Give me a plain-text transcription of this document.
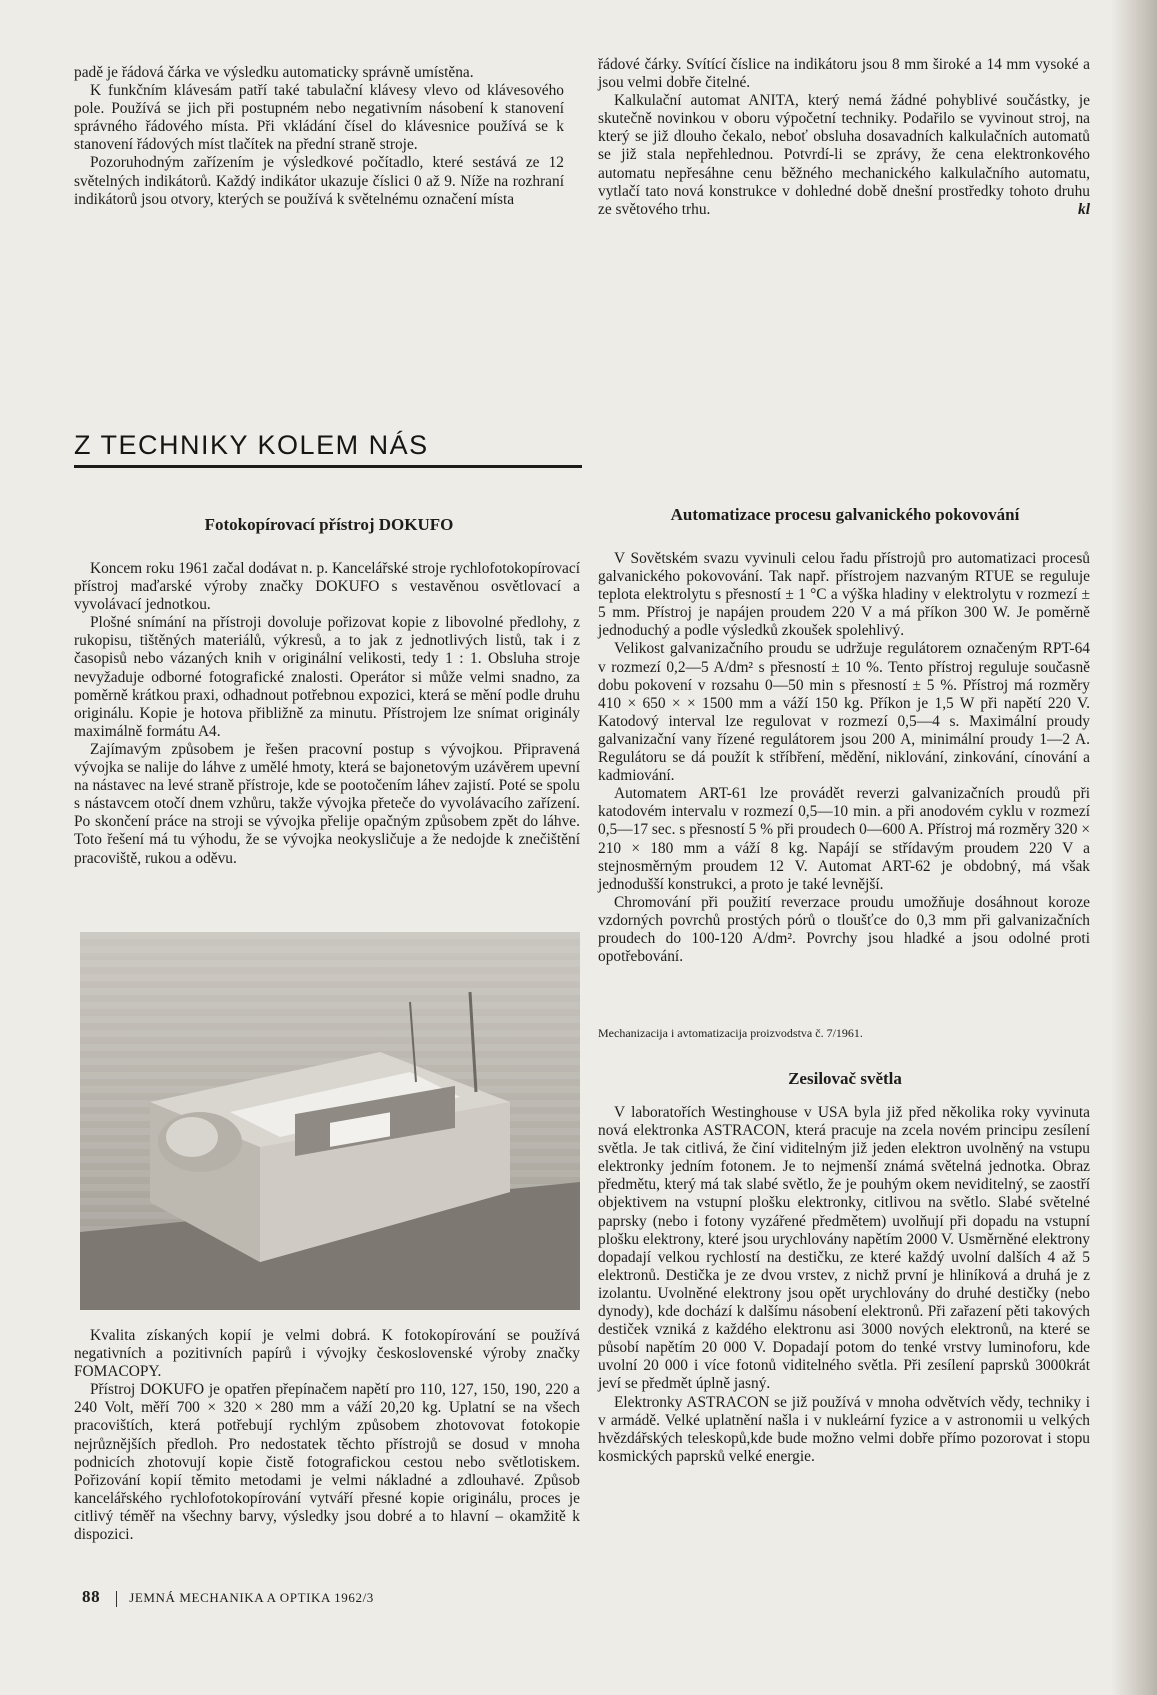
padě je řádová čárka ve výsledku automaticky správně umístěna.

K funkčním klávesám patří také tabulační klávesy vlevo od klávesového pole. Používá se jich při postupném nebo negativním násobení k stanovení správného řádového místa. Při vkládání čísel do klávesnice používá se k stanovení řádových míst tlačítek na přední straně stroje.

Pozoruhodným zařízením je výsledkové počítadlo, které sestává ze 12 světelných indikátorů. Každý indikátor ukazuje číslici 0 až 9. Níže na rozhraní indikátorů jsou otvory, kterých se používá k světelnému označení místa

řádové čárky. Svítící číslice na indikátoru jsou 8 mm široké a 14 mm vysoké a jsou velmi dobře čitelné.

Kalkulační automat ANITA, který nemá žádné pohyblivé součástky, je skutečně novinkou v oboru výpočetní techniky. Podařilo se vyvinout stroj, na který se již dlouho čekalo, neboť obsluha dosavadních kalkulačních automatů se již stala nepřehlednou. Potvrdí-li se zprávy, že cena elektronkového automatu nepřesáhne cenu běžného mechanického kalkulačního automatu, vytlačí tato nová konstrukce v dohledné době dnešní prostředky tohoto druhu ze světového trhu.	kl

Z TECHNIKY KOLEM NÁS
Fotokopírovací přístroj DOKUFO

Koncem roku 1961 začal dodávat n. p. Kancelářské stroje rychlofotokopírovací přístroj maďarské výroby značky DOKUFO s vestavěnou osvětlovací a vyvolávací jednotkou.

Plošné snímání na přístroji dovoluje pořizovat kopie z libovolné předlohy, z rukopisu, tištěných materiálů, výkresů, a to jak z jednotlivých listů, tak i z časopisů nebo vázaných knih v originální velikosti, tedy 1 : 1. Obsluha stroje nevyžaduje odborné fotografické znalosti. Operátor si může velmi snadno, za poměrně krátkou praxi, odhadnout potřebnou expozici, která se mění podle druhu originálu. Kopie je hotova přibližně za minutu. Přístrojem lze snímat originály maximálně formátu A4.

Zajímavým způsobem je řešen pracovní postup s vývojkou. Připravená vývojka se nalije do láhve z umělé hmoty, která se bajonetovým uzávěrem upevní na nástavec na levé straně přístroje, kde se pootočením láhev zajistí. Poté se spolu s nástavcem otočí dnem vzhůru, takže vývojka přeteče do vyvolávacího zařízení. Po skončení práce na stroji se vývojka přelije opačným způsobem zpět do láhve. Toto řešení má tu výhodu, že se vývojka neokysličuje a že nedojde k znečištění pracoviště, rukou a oděvu.

Kvalita získaných kopií je velmi dobrá. K fotokopírování se používá negativních a pozitivních papírů i vývojky československé výroby značky FOMACOPY.

Přístroj DOKUFO je opatřen přepínačem napětí pro 110, 127, 150, 190, 220 a 240 Volt, měří 700 × 320 × 280 mm a váží 20,20 kg. Uplatní se na všech pracovištích, která potřebují rychlým způsobem zhotovovat fotokopie nejrůznějších předloh. Pro nedostatek těchto přístrojů se dosud v mnoha podnicích zhotovují kopie čistě fotografickou cestou nebo světlotiskem. Pořizování kopií těmito metodami je velmi nákladné a zdlouhavé. Způsob kancelářského rychlofotokopírování vytváří přesné kopie originálu, proces je citlivý téměř na všechny barvy, výsledky jsou dobré a to hlavní – okamžitě k dispozici.

Automatizace procesu galvanického pokovování

V Sovětském svazu vyvinuli celou řadu přístrojů pro automatizaci procesů galvanického pokovování. Tak např. přístrojem nazvaným RTUE se reguluje teplota elektrolytu s přesností ± 1 °C a výška hladiny v elektrolytu v rozmezí ± 5 mm. Přístroj je napájen proudem 220 V a má příkon 300 W. Je poměrně jednoduchý a podle výsledků zkoušek spolehlivý.

Velikost galvanizačního proudu se udržuje regulátorem označeným RPT-64 v rozmezí 0,2—5 A/dm² s přesností ± 10 %. Tento přístroj reguluje současně dobu pokovení v rozsahu 0—50 min s přesností ± 5 %. Přístroj má rozměry 410 × 650 × × 1500 mm a váží 150 kg. Příkon je 1,5 W při napětí 220 V. Katodový interval lze regulovat v rozmezí 0,5—4 s. Maximální proudy galvanizační vany řízené regulátorem jsou 200 A, minimální proudy 1—2 A. Regulátoru se dá použít k stříbření, mědění, niklování, zinkování, cínování a kadmiování.

Automatem ART-61 lze provádět reverzi galvanizačních proudů při katodovém intervalu v rozmezí 0,5—10 min. a při anodovém cyklu v rozmezí 0,5—17 sec. s přesností 5 % při proudech 0—600 A. Přístroj má rozměry 320 × 210 × 180 mm a váží 8 kg. Napájí se střídavým proudem 220 V a stejnosměrným proudem 12 V. Automat ART-62 je obdobný, má však jednodušší konstrukci, a proto je také levnější.

Chromování při použití reverzace proudu umožňuje dosáhnout koroze vzdorných povrchů prostých pórů o tloušťce do 0,3 mm při galvanizačních proudech do 100-120 A/dm². Povrchy jsou hladké a jsou odolné proti opotřebování.

Mechanizacija i avtomatizacija proizvodstva č. 7/1961.
Zesilovač světla

V laboratořích Westinghouse v USA byla již před několika roky vyvinuta nová elektronka ASTRACON, která pracuje na zcela novém principu zesílení světla. Je tak citlivá, že činí viditelným již jeden elektron uvolněný na vstupu elektronky jedním fotonem. Je to nejmenší známá světelná jednotka. Obraz předmětu, který má tak slabé světlo, že je pouhým okem neviditelný, se zaostří objektivem na vstupní plošku elektronky, citlivou na světlo. Slabé světelné paprsky (nebo i fotony vyzářené předmětem) uvolňují při dopadu na vstupní plošku elektrony, které jsou urychlovány napětím 2000 V. Usměrněné elektrony dopadají velkou rychlostí na destičku, ze které každý uvolní dalších 4 až 5 elektronů. Destička je ze dvou vrstev, z nichž první je hliníková a druhá je z izolantu. Uvolněné elektrony jsou opět urychlovány do druhé destičky (nebo dynody), kde dochází k dalšímu násobení elektronů. Při zařazení pěti takových destiček vzniká z každého elektronu asi 3000 nových elektronů, na které se působí napětím 20 000 V. Dopadají potom do tenké vrstvy luminoforu, kde uvolní 20 000 i více fotonů viditelného světla. Při zesílení paprsků 3000krát jeví se předmět úplně jasný.

Elektronky ASTRACON se již používá v mnoha odvětvích vědy, techniky i v armádě. Velké uplatnění našla i v nukleární fyzice a v astronomii u velkých hvězdářských teleskopů,kde bude možno velmi dobře přímo pozorovat i stopu kosmických paprsků velké energie.

88 JEMNÁ MECHANIKA A OPTIKA 1962/3
